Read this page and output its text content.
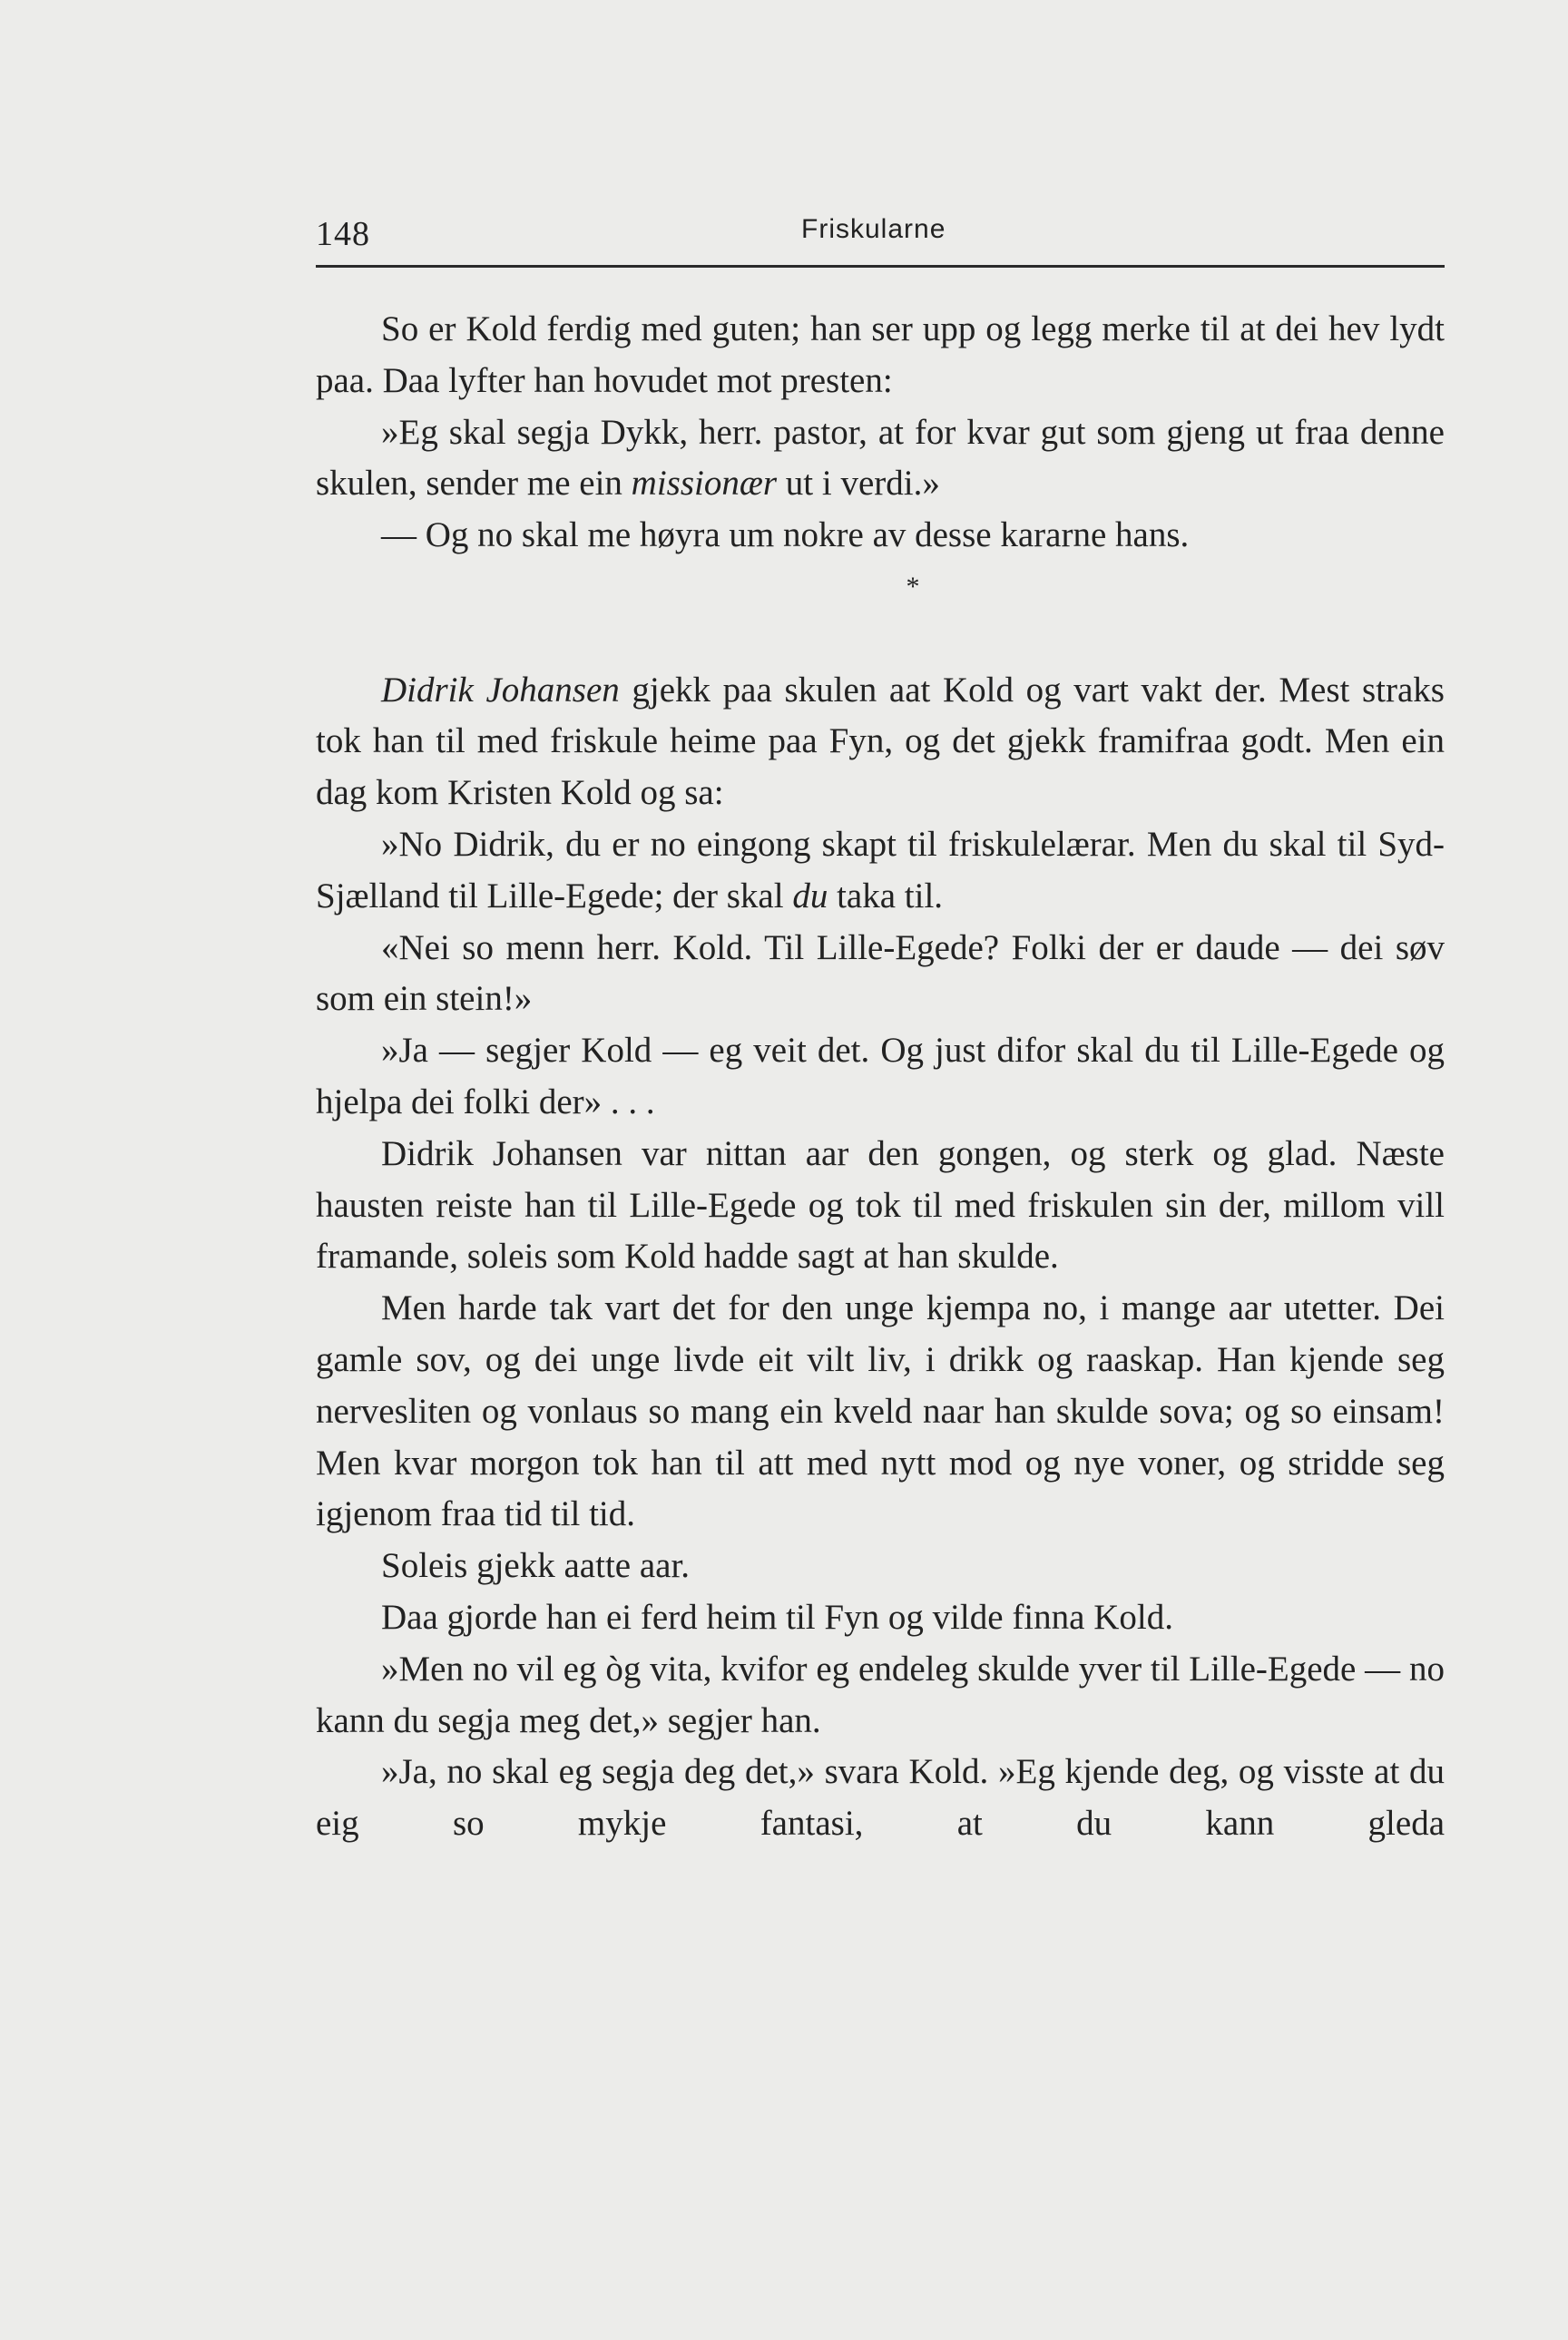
148	Friskularne

So er Kold ferdig med guten; han ser upp og legg merke til at dei hev lydt paa. Daa lyfter han hovudet mot presten:

»Eg skal segja Dykk, herr. pastor, at for kvar gut som gjeng ut fraa denne skulen, sender me ein missionær ut i verdi.»

— Og no skal me høyra um nokre av desse kararne hans.

*

Didrik Johansen gjekk paa skulen aat Kold og vart vakt der. Mest straks tok han til med friskule heime paa Fyn, og det gjekk framifraa godt. Men ein dag kom Kristen Kold og sa:

»No Didrik, du er no eingong skapt til friskulelærar. Men du skal til Syd-Sjælland til Lille-Egede; der skal du taka til.

«Nei so menn herr. Kold. Til Lille-Egede? Folki der er daude — dei søv som ein stein!»

»Ja — segjer Kold — eg veit det. Og just difor skal du til Lille-Egede og hjelpa dei folki der» . . .

Didrik Johansen var nittan aar den gongen, og sterk og glad. Næste hausten reiste han til Lille-Egede og tok til med friskulen sin der, millom vill framande, soleis som Kold hadde sagt at han skulde.

Men harde tak vart det for den unge kjempa no, i mange aar utetter. Dei gamle sov, og dei unge livde eit vilt liv, i drikk og raaskap. Han kjende seg nervesliten og vonlaus so mang ein kveld naar han skulde sova; og so einsam! Men kvar morgon tok han til att med nytt mod og nye voner, og stridde seg igjenom fraa tid til tid.

Soleis gjekk aatte aar.

Daa gjorde han ei ferd heim til Fyn og vilde finna Kold.

»Men no vil eg òg vita, kvifor eg endeleg skulde yver til Lille-Egede — no kann du segja meg det,» segjer han.

»Ja, no skal eg segja deg det,» svara Kold. »Eg kjende deg, og visste at du eig so mykje fantasi, at du kann gleda
